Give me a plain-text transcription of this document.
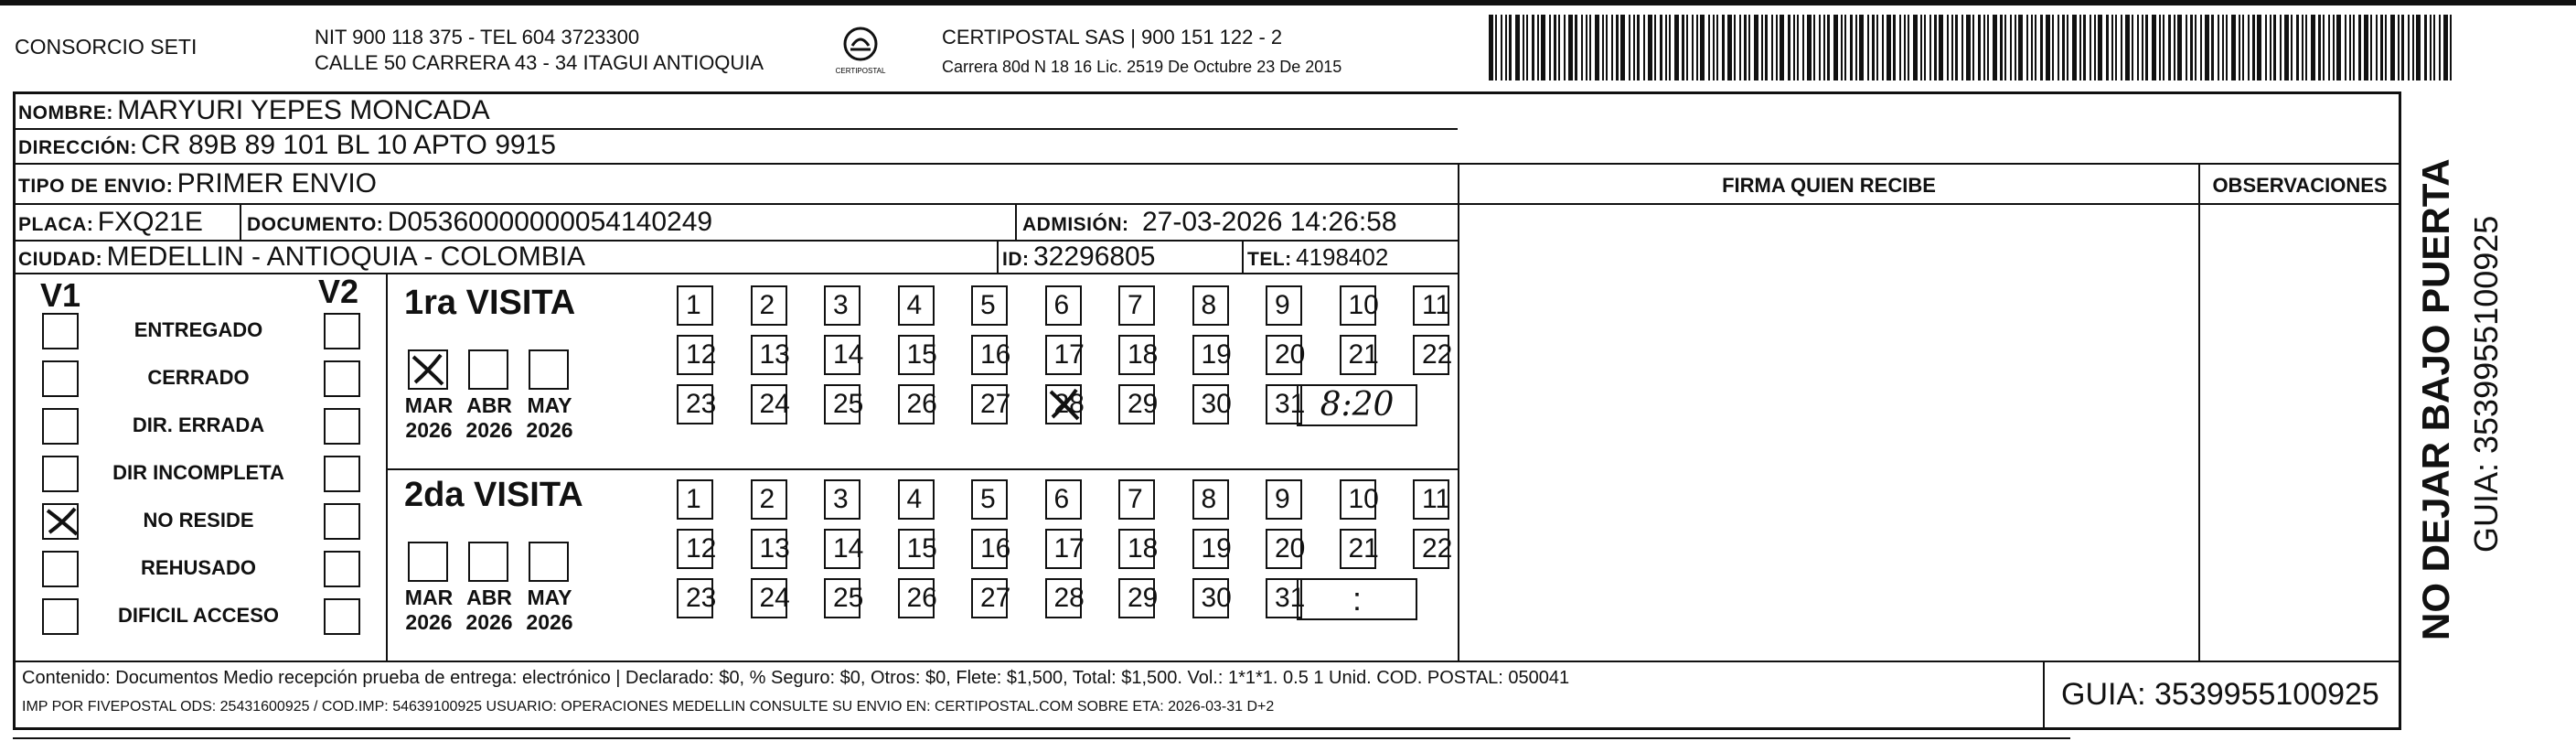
CONSORCIO SETI	NIT 900 118 375 - TEL 604 3723300
CALLE 50 CARRERA 43 - 34 ITAGUI ANTIOQUIA	CERTIPOSTAL
CERTIPOSTAL SAS | 900 151 122 - 2
Carrera 80d N 18 16 Lic. 2519 De Octubre 23 De 2015
NOMBRE: MARYURI YEPES MONCADA
DIRECCIÓN: CR 89B 89 101 BL 10 APTO 9915
TIPO DE ENVIO: PRIMER ENVIO
PLACA: FXQ21E DOCUMENTO: D05360000000054140249	ADMISIÓN: 27-03-2026 14:26:58
CIUDAD: MEDELLIN - ANTIOQUIA - COLOMBIA	ID: 32296805	TEL: 4198402
FIRMA QUIEN RECIBE	OBSERVACIONES
V1	V2 1ra VISITA
2da VISITA
Contenido: Documentos Medio recepción prueba de entrega: electrónico | Declarado: $0, % Seguro: $0, Otros: $0, Flete: $1,500, Total: $1,500. Vol.: 1*1*1. 0.5 1 Unid. COD. POSTAL: 050041
IMP POR FIVEPOSTAL ODS: 25431600925 / COD.IMP: 54639100925 USUARIO: OPERACIONES MEDELLIN CONSULTE SU ENVIO EN: CERTIPOSTAL.COM SOBRE ETA: 2026-03-31 D+2	GUIA: 3539955100925
NO DEJAR BAJO PUERTA GUIA: 3539955100925
ENTREGADO
CERRADO
DIR. ERRADA
DIR INCOMPLETA
NO RESIDE
REHUSADO
DIFICIL ACCESO
MAR
2026
ABR
2026
MAY
2026
MAR
2026
ABR
2026
MAY
2026
1	2	3	4	5	6	7	8	9	10	11
12	13	14	15	16	17	18	19	20	21	22
23	24	25	26	27	28	29	30	31 8:20
1	2	3	4	5	6	7	8	9	10	11
12	13	14	15	16	17	18	19	20	21	22
23	24	25	26	27	28	29	30	31	:
